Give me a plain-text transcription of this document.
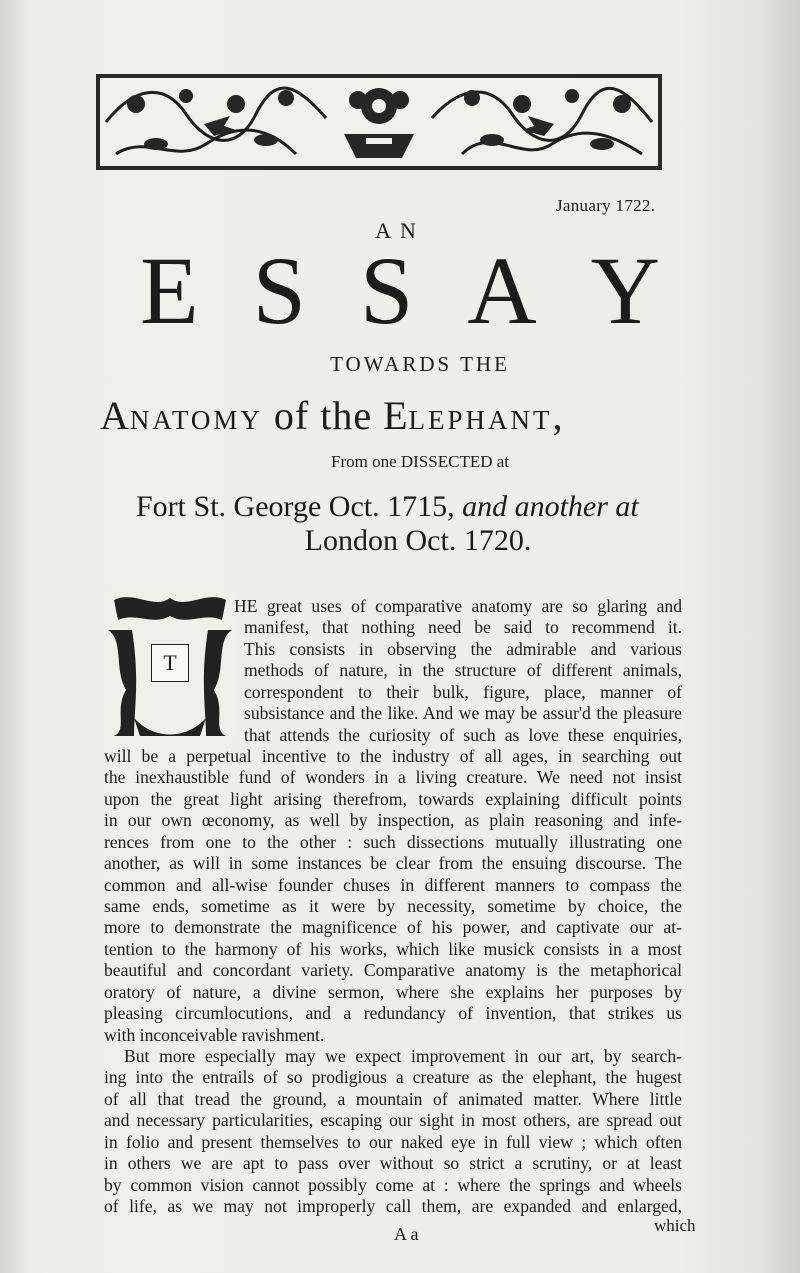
January 1722.
AN
E S S A Y
TOWARDS THE
ANATOMY of the ELEPHANT,
From one DISSECTED at
Fort St. George Oct. 1715, and another at
London Oct. 1720.
T
HE great uses of comparative anatomy are so glaring and
manifest, that nothing need be said to recommend it.
This consists in observing the admirable and various
methods of nature, in the structure of different animals,
correspondent to their bulk, figure, place, manner of
subsistance and the like. And we may be assur'd the pleasure
that attends the curiosity of such as love these enquiries,
will be a perpetual incentive to the industry of all ages, in searching out
the inexhaustible fund of wonders in a living creature. We need not insist
upon the great light arising therefrom, towards explaining difficult points
in our own œconomy, as well by inspection, as plain reasoning and infe-
rences from one to the other : such dissections mutually illustrating one
another, as will in some instances be clear from the ensuing discourse. The
common and all-wise founder chuses in different manners to compass the
same ends, sometime as it were by necessity, sometime by choice, the
more to demonstrate the magnificence of his power, and captivate our at-
tention to the harmony of his works, which like musick consists in a most
beautiful and concordant variety. Comparative anatomy is the metaphorical
oratory of nature, a divine sermon, where she explains her purposes by
pleasing circumlocutions, and a redundancy of invention, that strikes us
with inconceivable ravishment.
But more especially may we expect improvement in our art, by search-
ing into the entrails of so prodigious a creature as the elephant, the hugest
of all that tread the ground, a mountain of animated matter. Where little
and necessary particularities, escaping our sight in most others, are spread out
in folio and present themselves to our naked eye in full view ; which often
in others we are apt to pass over without so strict a scrutiny, or at least
by common vision cannot possibly come at : where the springs and wheels
of life, as we may not improperly call them, are expanded and enlarged,
A a	which
